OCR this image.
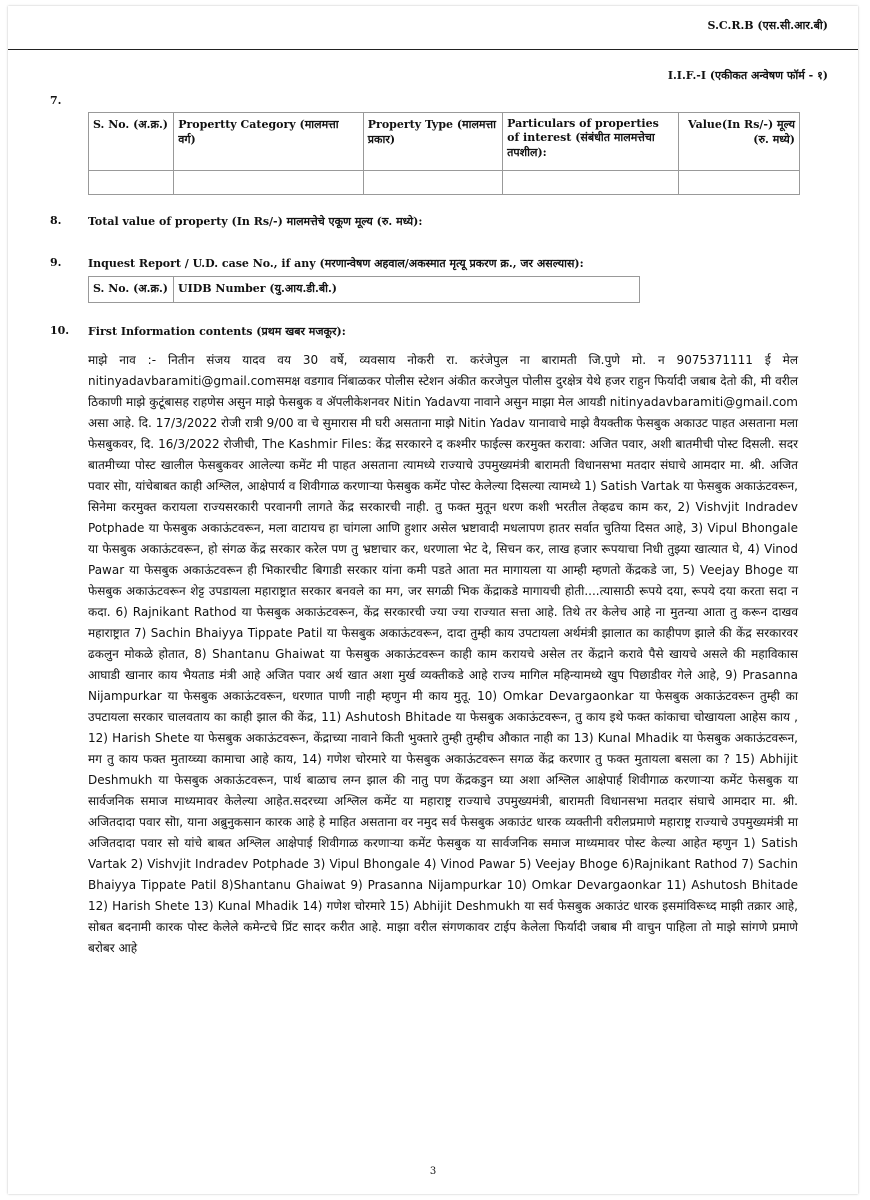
S.C.R.B (एस.सी.आर.बी)
I.I.F.-I (एकीकत अन्वेषण फॉर्म - १)
7.
S. No. (अ.क्र.)	Propertty Category (मालमत्ता वर्ग)	Property Type (मालमत्ता प्रकार)	Particulars of properties of interest (संबंधीत मालमत्तेचा तपशील):	Value(In Rs/-) मूल्य (रु. मध्ये)

8. Total value of property (In Rs/-) मालमत्तेचे एकूण मूल्य (रु. मध्ये):
9. Inquest Report / U.D. case No., if any (मरणान्वेषण अहवाल/अकस्मात मृत्यू प्रकरण क्र., जर असल्यास):
S. No. (अ.क्र.)	UIDB Number (यु.आय.डी.बी.)
10. First Information contents (प्रथम खबर मजकूर):
माझे नाव :- नितीन संजय यादव वय 30 वर्षे, व्यवसाय नोकरी रा. करंजेपुल ना बारामती जि.पुणे मो. न 9075371111 ई मेल nitinyadavbaramiti@gmail.comसमक्ष वडगाव निंबाळकर पोलीस स्टेशन अंकीत करजेपुल पोलीस दुरक्षेत्र येथे हजर राहुन फिर्यादी जबाब देतो की, मी वरील ठिकाणी माझे कुटूंबासह राहणेस असुन माझे फेसबुक व ॲपलीकेशनवर Nitin Yadavया नावाने असुन माझा मेल आयडी nitinyadavbaramiti@gmail.com असा आहे. दि. 17/3/2022 रोजी रात्री 9/00 वा चे सुमारास मी घरी असताना माझे Nitin Yadav यानावाचे माझे वैयक्तीक फेसबुक अकाउट पाहत असताना मला फेसबुकवर, दि. 16/3/2022 रोजीची, The Kashmir Files: केंद्र सरकारने द कश्मीर फाईल्स करमुक्त करावा: अजित पवार, अशी बातमीची पोस्ट दिसली. सदर बातमीच्या पोस्ट खालील फेसबुकवर आलेल्या कमेंट मी पाहत असताना त्यामध्ये राज्याचे उपमुख्यमंत्री बारामती विधानसभा मतदार संघाचे आमदार मा. श्री. अजित पवार सॊा, यांचेबाबत काही अश्लिल, आक्षेपार्य व शिवीगाळ करणाऱ्या फेसबुक कमेंट पोस्ट केलेल्या दिसल्या त्यामध्ये 1) Satish Vartak या फेसबुक अकाऊंटवरून, सिनेमा करमुक्त करायला राज्यसरकारी परवानगी लागते केंद्र सरकारची नाही. तु फक्त मुतून धरण कशी भरतील तेव्हढच काम कर, 2) Vishvjit Indradev Potphade या फेसबुक अकाऊंटवरून, मला वाटायच हा चांगला आणि हुशार असेल भ्रष्टावादी मधलापण हातर सर्वात चुतिया दिसत आहे, 3) Vipul Bhongale या फेसबुक अकाऊंटवरून, हो संगळ केंद्र सरकार करेल पण तु भ्रष्टाचार कर, धरणाला भेट दे, सिचन कर, लाख हजार रूपयाचा निधी तुझ्या खात्यात घे, 4) Vinod Pawar या फेसबुक अकाऊंटवरून ही भिकारचीट बिगाडी सरकार यांना कमी पडते आता मत मागायला या आम्ही म्हणतो केंद्रकडे जा, 5) Veejay Bhoge या फेसबुक अकाऊंटवरून शेट्ट उपडायला महाराष्ट्रात सरकार बनवले का मग, जर सगळी भिक केंद्राकडे मागायची होती....त्यासाठी रूपये दया, रूपये दया करता सदा न कदा. 6) Rajnikant Rathod या फेसबुक अकाऊंटवरून, केंद्र सरकारची ज्या ज्या राज्यात सत्ता आहे. तिथे तर केलेच आहे ना मुतन्या आता तु करून दाखव महाराष्ट्रात 7) Sachin Bhaiyya Tippate Patil या फेसबुक अकाऊंटवरून, दादा तुम्ही काय उपटायला अर्थमंत्री झालात का काहीपण झाले की केंद्र सरकारवर ढकलुन मोकळे होतात, 8) Shantanu Ghaiwat या फेसबुक अकाऊंटवरून काही काम करायचे असेल तर केंद्राने करावे पैसे खायचे असले की महाविकास आघाडी खानार काय भैयताड मंत्री आहे अजित पवार अर्थ खात अशा मुर्ख व्यक्तीकडे आहे राज्य मागिल महिन्यामध्ये खुप पिछाडीवर गेले आहे, 9) Prasanna Nijampurkar या फेसबुक अकाऊंटवरून, धरणात पाणी नाही म्हणुन मी काय मुतू. 10) Omkar Devargaonkar या फेसबुक अकाऊंटवरून तुम्ही का उपटायला सरकार चालवताय का काही झाल की केंद्र, 11) Ashutosh Bhitade या फेसबुक अकाऊंटवरून, तु काय इथे फक्त कांकाचा चोखायला आहेस काय , 12) Harish Shete या फेसबुक अकाऊंटवरून, केंद्राच्या नावाने किती भुक्तारे तुम्ही तुम्हीच औकात नाही का 13) Kunal Mhadik या फेसबुक अकाऊंटवरून, मग तु काय फक्त मुताय्च्या कामाचा आहे काय, 14) गणेश चोरमारे या फेसबुक अकाऊंटवरून सगळ केंद्र करणार तु फक्त मुतायला बसला का ? 15) Abhijit Deshmukh या फेसबुक अकाऊंटवरून, पार्थ बाळाच लग्न झाल की नातु पण केंद्रकडुन घ्या अशा अश्लिल आक्षेपार्ह शिवीगाळ करणाऱ्या कमेंट फेसबुक या सार्वजनिक समाज माध्यमावर केलेल्या आहेत.सदरच्या अश्लिल कमेंट या महाराष्ट्र राज्याचे उपमुख्यमंत्री, बारामती विधानसभा मतदार संघाचे आमदार मा. श्री. अजितदादा पवार सॊा, याना अब्रुनुकसान कारक आहे हे माहित असताना वर नमुद सर्व फेसबुक अकाउंट धारक व्यक्तीनी वरीलप्रमाणे महाराष्ट्र राज्याचे उपमुख्यमंत्री मा अजितदादा पवार सो यांचे बाबत अश्लिल आक्षेपाई शिवीगाळ करणाऱ्या कमेंट फेसबुक या सार्वजनिक समाज माध्यमावर पोस्ट केल्या आहेत म्हणुन 1) Satish Vartak 2) Vishvjit Indradev Potphade 3) Vipul Bhongale 4) Vinod Pawar 5) Veejay Bhoge 6)Rajnikant Rathod 7) Sachin Bhaiyya Tippate Patil 8)Shantanu Ghaiwat 9) Prasanna Nijampurkar 10) Omkar Devargaonkar 11) Ashutosh Bhitade 12) Harish Shete 13) Kunal Mhadik 14) गणेश चोरमारे 15) Abhijit Deshmukh या सर्व फेसबुक अकाउंट धारक इसमांविरूध्द माझी तक्रार आहे, सोबत बदनामी कारक पोस्ट केलेले कमेन्टचे प्रिंट सादर करीत आहे. माझा वरील संगणकावर टाईप केलेला फिर्यादी जबाब मी वाचुन पाहिला तो माझे सांगणे प्रमाणे बरोबर आहे
3
